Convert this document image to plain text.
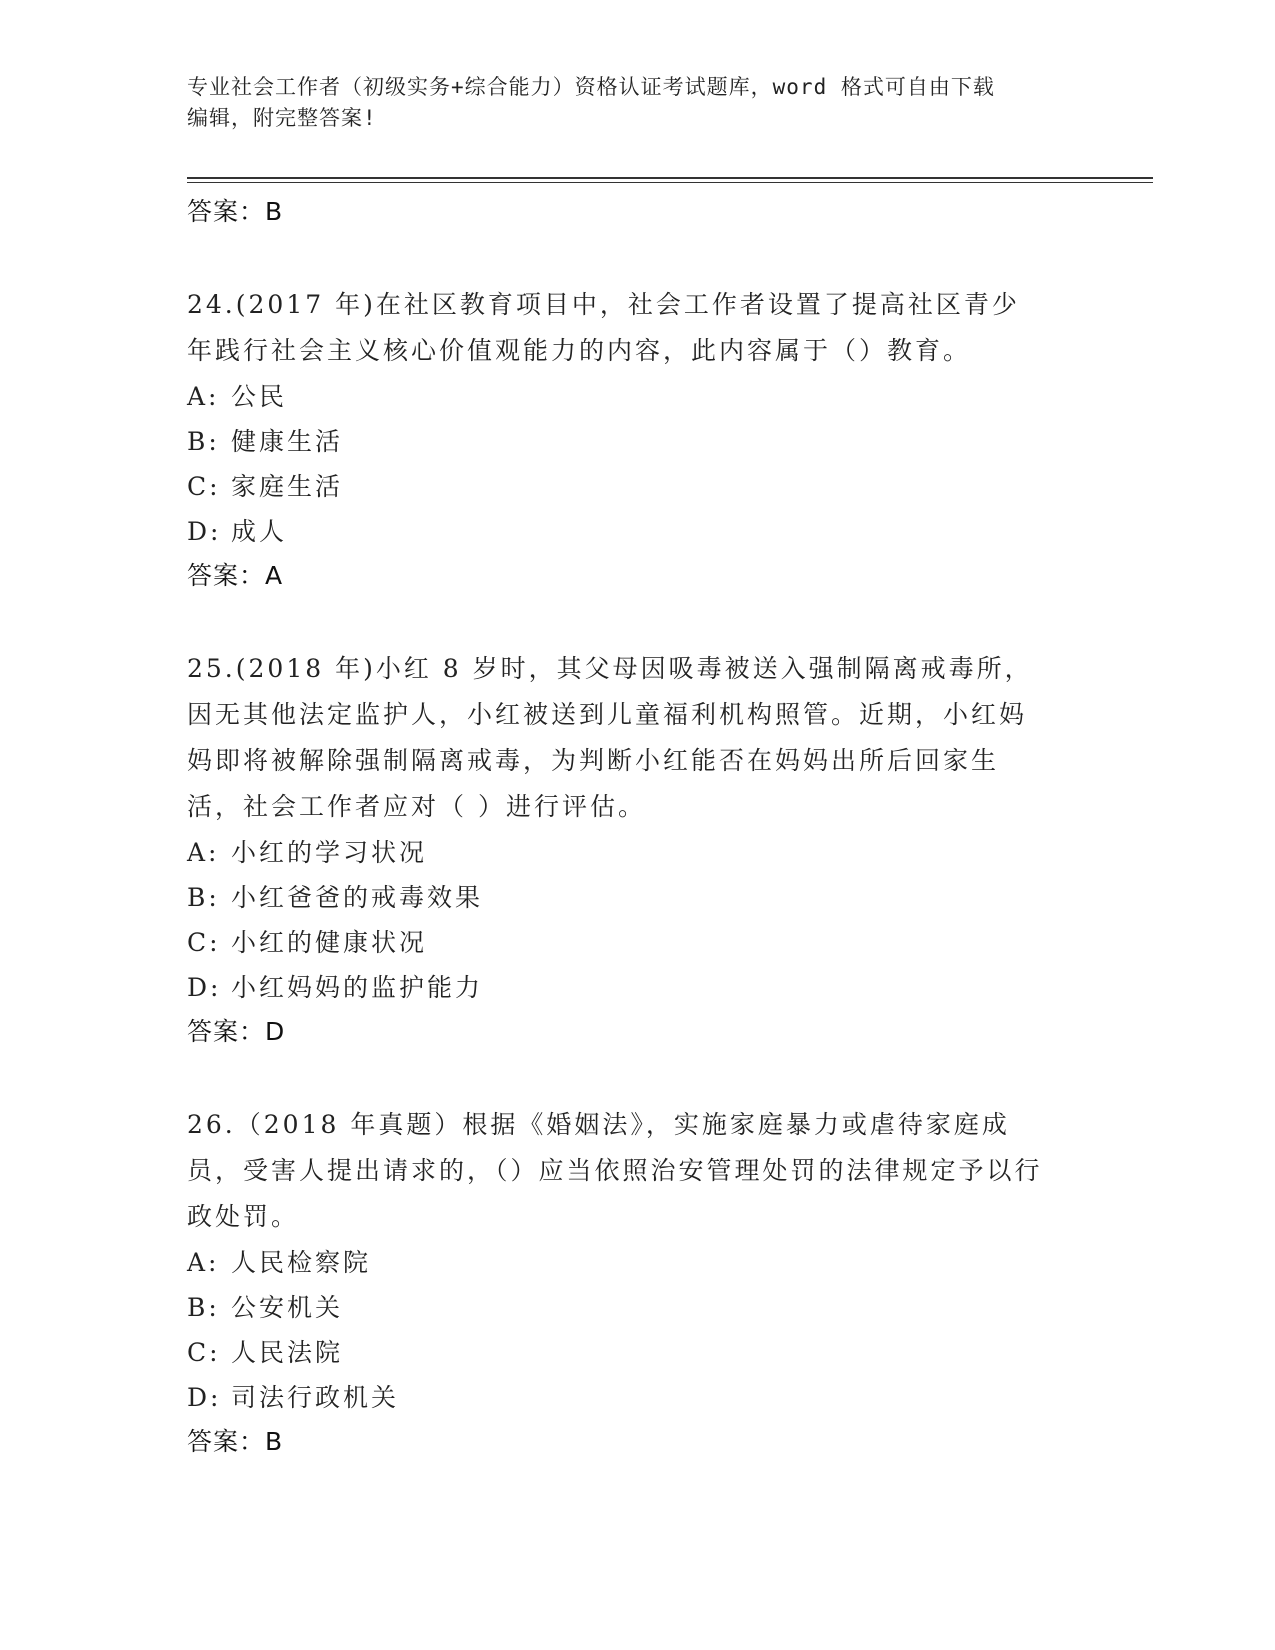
专业社会工作者（初级实务+综合能力）资格认证考试题库，word 格式可自由下载
编辑，附完整答案!
答案：B
24.(2017 年)在社区教育项目中，社会工作者设置了提高社区青少年践行社会主义核心价值观能力的内容，此内容属于（）教育。
A: 公民
B: 健康生活
C: 家庭生活
D: 成人
答案：A
25.(2018 年)小红 8 岁时，其父母因吸毒被送入强制隔离戒毒所，因无其他法定监护人，小红被送到儿童福利机构照管。近期，小红妈妈即将被解除强制隔离戒毒，为判断小红能否在妈妈出所后回家生活，社会工作者应对（ ）进行评估。
A: 小红的学习状况
B: 小红爸爸的戒毒效果
C: 小红的健康状况
D: 小红妈妈的监护能力
答案：D
26.（2018 年真题）根据《婚姻法》，实施家庭暴力或虐待家庭成员，受害人提出请求的，（）应当依照治安管理处罚的法律规定予以行政处罚。
A: 人民检察院
B: 公安机关
C: 人民法院
D: 司法行政机关
答案：B
